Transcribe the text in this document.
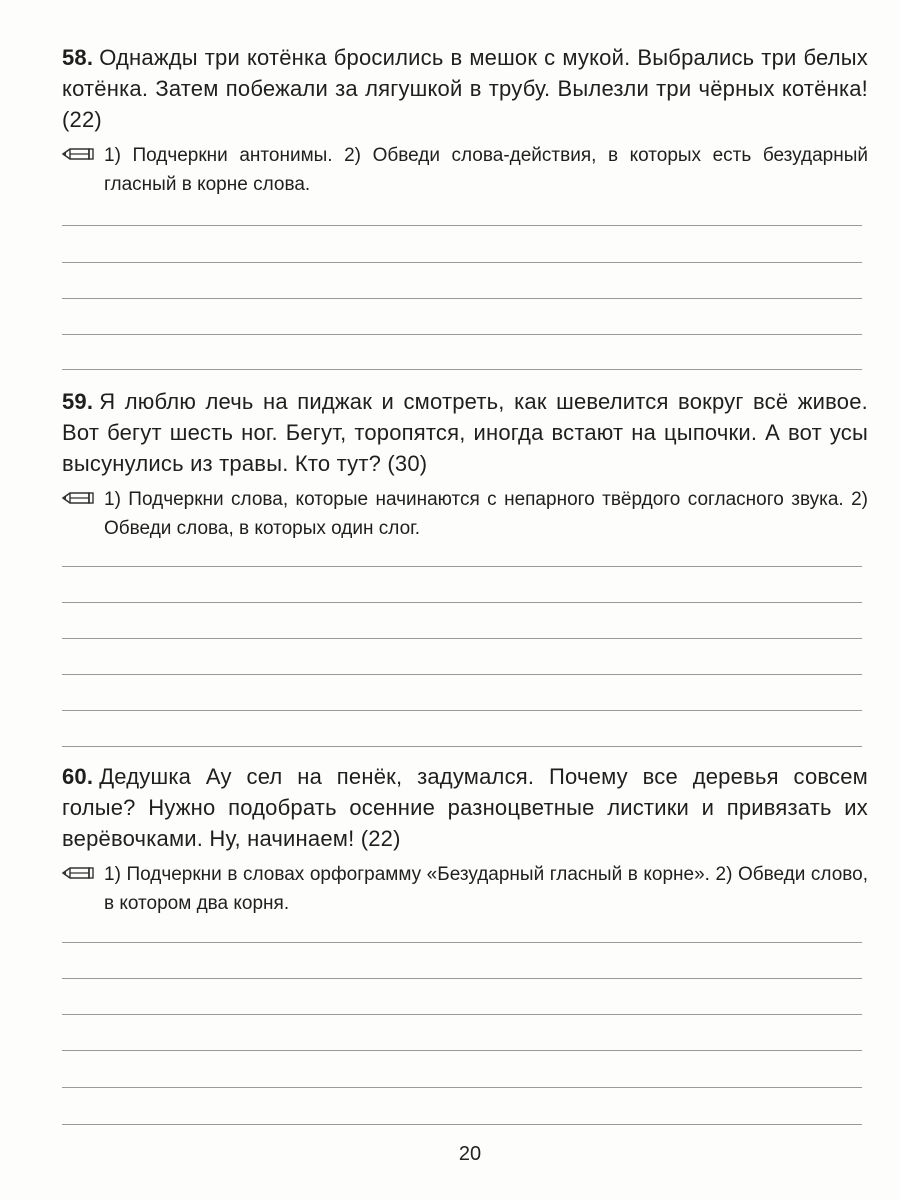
58. Однажды три котёнка бросились в мешок с мукой. Выбрались три белых котёнка. Затем побежали за лягушкой в трубу. Вылезли три чёрных котёнка! (22)

1) Подчеркни антонимы. 2) Обведи слова-действия, в которых есть безударный гласный в корне слова.

59. Я люблю лечь на пиджак и смотреть, как шевелится вокруг всё живое. Вот бегут шесть ног. Бегут, торопятся, иногда встают на цыпочки. А вот усы высунулись из травы. Кто тут? (30)

1) Подчеркни слова, которые начинаются с непарного твёрдого согласного звука. 2) Обведи слова, в которых один слог.

60. Дедушка Ау сел на пенёк, задумался. Почему все деревья совсем голые? Нужно подобрать осенние разноцветные листики и привязать их верёвочками. Ну, начинаем! (22)

1) Подчеркни в словах орфограмму «Безударный гласный в корне». 2) Обведи слово, в котором два корня.
20
